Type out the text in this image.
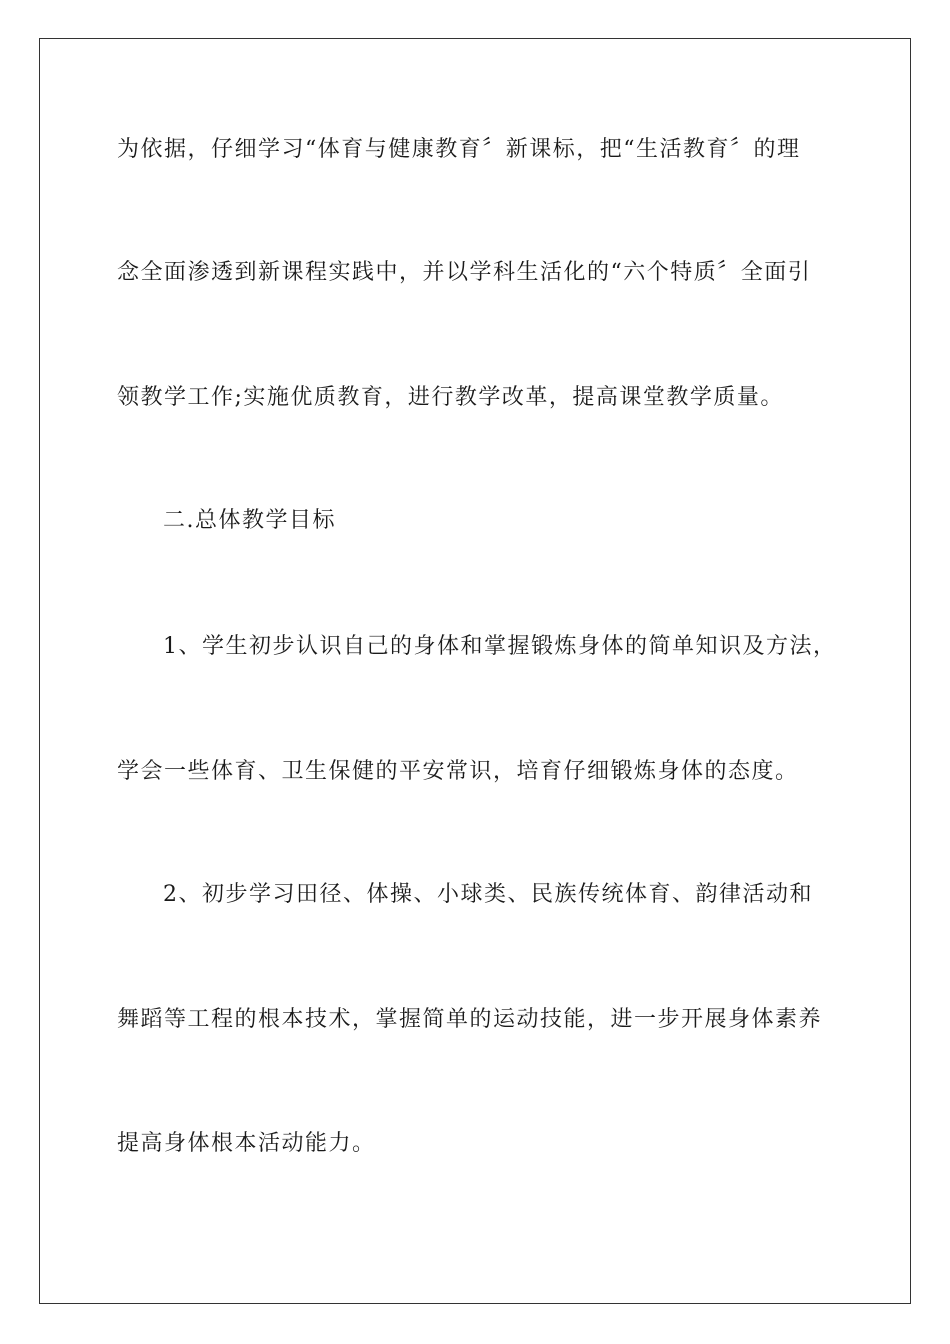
为依据，仔细学习“体育与健康教育〞新课标，把“生活教育〞的理
念全面渗透到新课程实践中，并以学科生活化的“六个特质〞全面引
领教学工作;实施优质教育，进行教学改革，提高课堂教学质量。
二.总体教学目标
1、学生初步认识自己的身体和掌握锻炼身体的简单知识及方法，
学会一些体育、卫生保健的平安常识，培育仔细锻炼身体的态度。
2、初步学习田径、体操、小球类、民族传统体育、韵律活动和
舞蹈等工程的根本技术，掌握简单的运动技能，进一步开展身体素养
提高身体根本活动能力。
